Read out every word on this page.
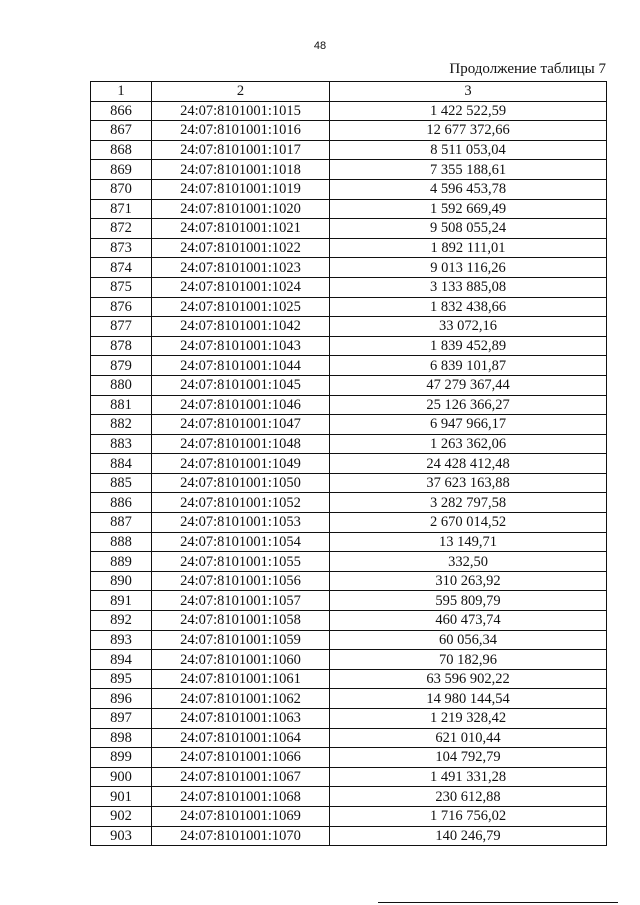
48
Продолжение таблицы 7
1	2	3
866	24:07:8101001:1015	1 422 522,59
867	24:07:8101001:1016	12 677 372,66
868	24:07:8101001:1017	8 511 053,04
869	24:07:8101001:1018	7 355 188,61
870	24:07:8101001:1019	4 596 453,78
871	24:07:8101001:1020	1 592 669,49
872	24:07:8101001:1021	9 508 055,24
873	24:07:8101001:1022	1 892 111,01
874	24:07:8101001:1023	9 013 116,26
875	24:07:8101001:1024	3 133 885,08
876	24:07:8101001:1025	1 832 438,66
877	24:07:8101001:1042	33 072,16
878	24:07:8101001:1043	1 839 452,89
879	24:07:8101001:1044	6 839 101,87
880	24:07:8101001:1045	47 279 367,44
881	24:07:8101001:1046	25 126 366,27
882	24:07:8101001:1047	6 947 966,17
883	24:07:8101001:1048	1 263 362,06
884	24:07:8101001:1049	24 428 412,48
885	24:07:8101001:1050	37 623 163,88
886	24:07:8101001:1052	3 282 797,58
887	24:07:8101001:1053	2 670 014,52
888	24:07:8101001:1054	13 149,71
889	24:07:8101001:1055	332,50
890	24:07:8101001:1056	310 263,92
891	24:07:8101001:1057	595 809,79
892	24:07:8101001:1058	460 473,74
893	24:07:8101001:1059	60 056,34
894	24:07:8101001:1060	70 182,96
895	24:07:8101001:1061	63 596 902,22
896	24:07:8101001:1062	14 980 144,54
897	24:07:8101001:1063	1 219 328,42
898	24:07:8101001:1064	621 010,44
899	24:07:8101001:1066	104 792,79
900	24:07:8101001:1067	1 491 331,28
901	24:07:8101001:1068	230 612,88
902	24:07:8101001:1069	1 716 756,02
903	24:07:8101001:1070	140 246,79
